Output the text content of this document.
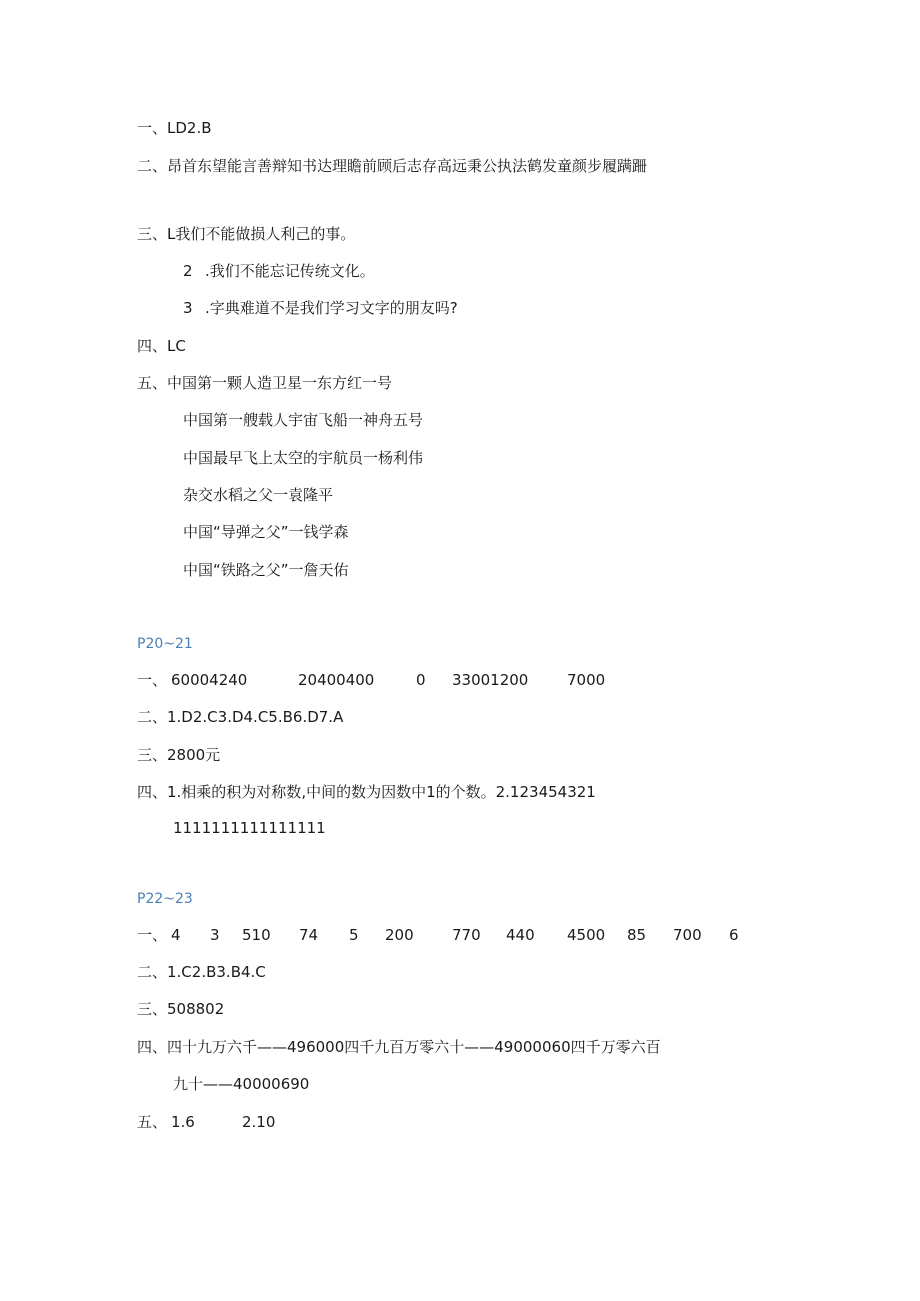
一、LD2.B
二、昂首东望能言善辩知书达理瞻前顾后志存高远秉公执法鹤发童颜步履蹒跚
三、L我们不能做损人利己的事。
2 .我们不能忘记传统文化。
3 .字典难道不是我们学习文字的朋友吗?
四、LC
五、中国第一颗人造卫星一东方红一号
中国第一艘载人宇宙飞船一神舟五号
中国最早飞上太空的宇航员一杨利伟
杂交水稻之父一袁隆平
中国“导弹之父”一钱学森
中国“铁路之父”一詹天佑
P20~21
一、 60004240	20400400	0 33001200	7000
二、1.D2.C3.D4.C5.B6.D7.A
三、2800元
四、1.相乘的积为对称数,中间的数为因数中1的个数。2.123454321
1111111111111111
P22~23
一、 4 3 510 74 5 200	770 440 4500 85 700 6
二、1.C2.B3.B4.C
三、508802
四、四十九万六千——496000四千九百万零六十——49000060四千万零六百
九十——40000690
五、 1.6	2.10
